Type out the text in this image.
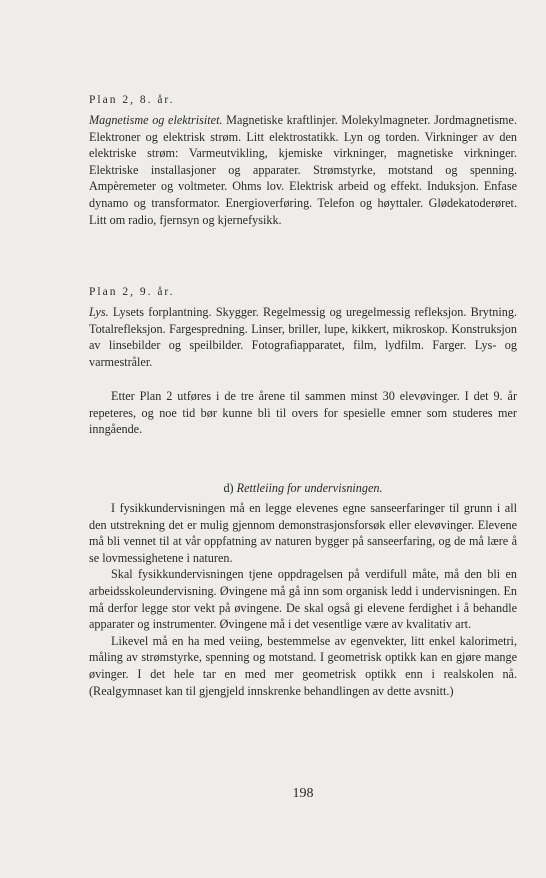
Plan 2, 8. år.

Magnetisme og elektrisitet. Magnetiske kraftlinjer. Molekylmagneter. Jordmagnetisme. Elektroner og elektrisk strøm. Litt elektrostatikk. Lyn og torden. Virkninger av den elektriske strøm: Varmeutvikling, kjemiske virkninger, magnetiske virkninger. Elektriske installasjoner og apparater. Strømstyrke, motstand og spenning. Ampèremeter og voltmeter. Ohms lov. Elektrisk arbeid og effekt. Induksjon. Enfase dynamo og transformator. Energioverføring. Telefon og høyttaler. Glødekatoderøret. Litt om radio, fjernsyn og kjernefysikk.

Plan 2, 9. år.

Lys. Lysets forplantning. Skygger. Regelmessig og uregelmessig refleksjon. Brytning. Totalrefleksjon. Fargespredning. Linser, briller, lupe, kikkert, mikroskop. Konstruksjon av linsebilder og speilbilder. Fotografiapparatet, film, lydfilm. Farger. Lys- og varmestråler.

Etter Plan 2 utføres i de tre årene til sammen minst 30 elevøvinger. I det 9. år repeteres, og noe tid bør kunne bli til overs for spesielle emner som studeres mer inngående.

d) Rettleiing for undervisningen.

I fysikkundervisningen må en legge elevenes egne sanseerfaringer til grunn i all den utstrekning det er mulig gjennom demonstrasjonsforsøk eller elevøvinger. Elevene må bli vennet til at vår oppfatning av naturen bygger på sanseerfaring, og de må lære å se lovmessighetene i naturen.

Skal fysikkundervisningen tjene oppdragelsen på verdifull måte, må den bli en arbeidsskoleundervisning. Øvingene må gå inn som organisk ledd i undervisningen. En må derfor legge stor vekt på øvingene. De skal også gi elevene ferdighet i å behandle apparater og instrumenter. Øvingene må i det vesentlige være av kvalitativ art.

Likevel må en ha med veiing, bestemmelse av egenvekter, litt enkel kalorimetri, måling av strømstyrke, spenning og motstand. I geometrisk optikk kan en gjøre mange øvinger. I det hele tar en med mer geometrisk optikk enn i realskolen nå. (Realgymnaset kan til gjengjeld innskrenke behandlingen av dette avsnitt.)

198
